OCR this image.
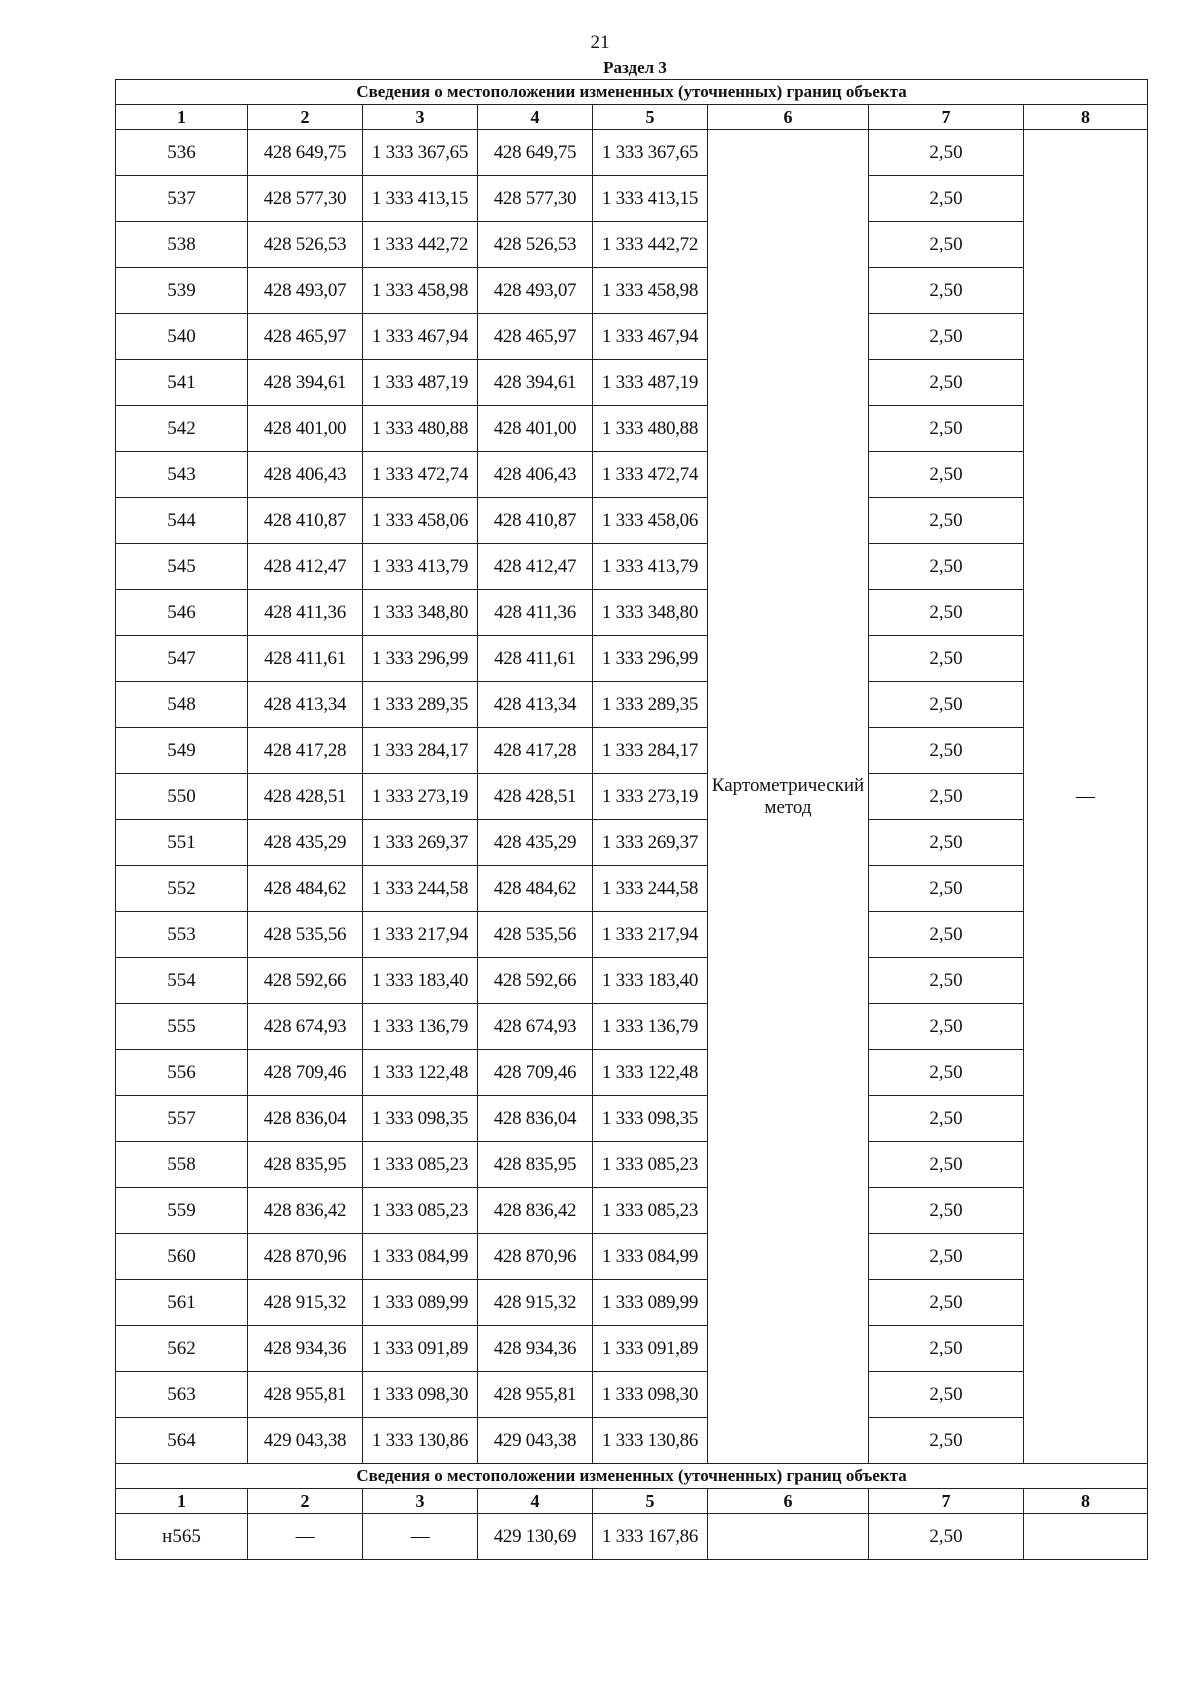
21
Раздел 3
Сведения о местоположении измененных (уточненных) границ объекта							
1	2	3	4	5	6	7	8
536	428 649,75	1 333 367,65	428 649,75	1 333 367,65	Картометрический метод	2,50	—
537	428 577,30	1 333 413,15	428 577,30	1 333 413,15		2,50	
538	428 526,53	1 333 442,72	428 526,53	1 333 442,72		2,50	
539	428 493,07	1 333 458,98	428 493,07	1 333 458,98		2,50	
540	428 465,97	1 333 467,94	428 465,97	1 333 467,94		2,50	
541	428 394,61	1 333 487,19	428 394,61	1 333 487,19		2,50	
542	428 401,00	1 333 480,88	428 401,00	1 333 480,88		2,50	
543	428 406,43	1 333 472,74	428 406,43	1 333 472,74		2,50	
544	428 410,87	1 333 458,06	428 410,87	1 333 458,06		2,50	
545	428 412,47	1 333 413,79	428 412,47	1 333 413,79		2,50	
546	428 411,36	1 333 348,80	428 411,36	1 333 348,80		2,50	
547	428 411,61	1 333 296,99	428 411,61	1 333 296,99		2,50	
548	428 413,34	1 333 289,35	428 413,34	1 333 289,35		2,50	
549	428 417,28	1 333 284,17	428 417,28	1 333 284,17		2,50	
550	428 428,51	1 333 273,19	428 428,51	1 333 273,19		2,50	
551	428 435,29	1 333 269,37	428 435,29	1 333 269,37		2,50	
552	428 484,62	1 333 244,58	428 484,62	1 333 244,58		2,50	
553	428 535,56	1 333 217,94	428 535,56	1 333 217,94		2,50	
554	428 592,66	1 333 183,40	428 592,66	1 333 183,40		2,50	
555	428 674,93	1 333 136,79	428 674,93	1 333 136,79		2,50	
556	428 709,46	1 333 122,48	428 709,46	1 333 122,48		2,50	
557	428 836,04	1 333 098,35	428 836,04	1 333 098,35		2,50	
558	428 835,95	1 333 085,23	428 835,95	1 333 085,23		2,50	
559	428 836,42	1 333 085,23	428 836,42	1 333 085,23		2,50	
560	428 870,96	1 333 084,99	428 870,96	1 333 084,99		2,50	
561	428 915,32	1 333 089,99	428 915,32	1 333 089,99		2,50	
562	428 934,36	1 333 091,89	428 934,36	1 333 091,89		2,50	
563	428 955,81	1 333 098,30	428 955,81	1 333 098,30		2,50	
564	429 043,38	1 333 130,86	429 043,38	1 333 130,86		2,50	
Сведения о местоположении измененных (уточненных) границ объекта							
1	2	3	4	5	6	7	8
н565	—	—	429 130,69	1 333 167,86		2,50	
